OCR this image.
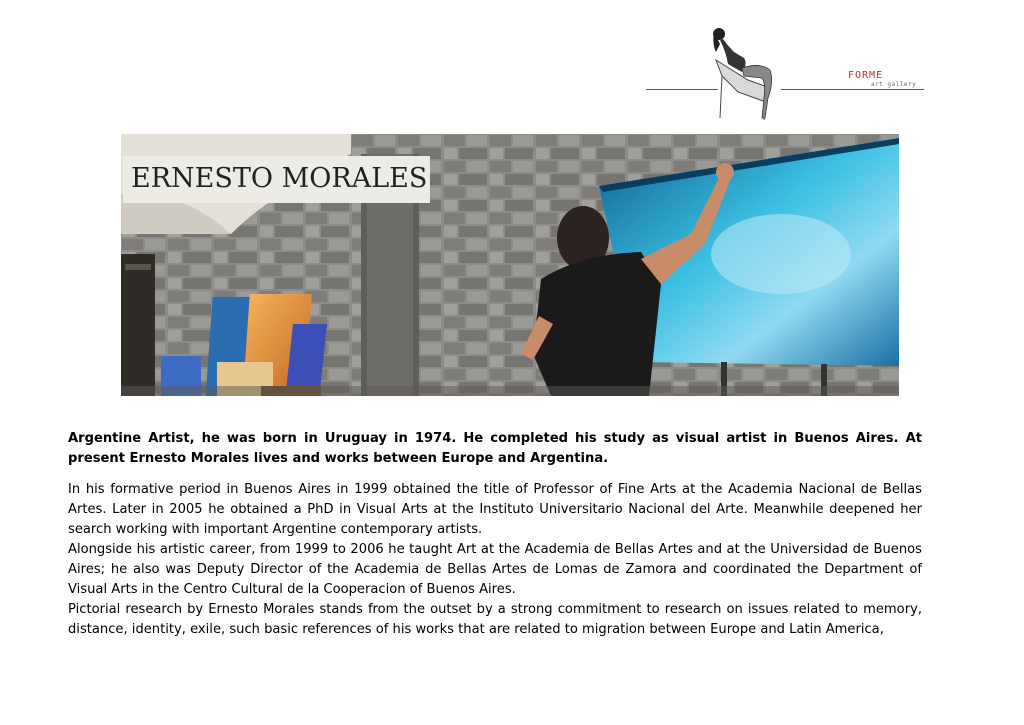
FORME
art gallery
ERNESTO MORALES

Argentine Artist, he was born in Uruguay in 1974. He completed his study as visual artist in Buenos Aires. At present Ernesto Morales lives and works between Europe and Argentina.

In his formative period in Buenos Aires in 1999 obtained the title of Professor of Fine Arts at the Academia Nacional de Bellas Artes. Later in 2005 he obtained a PhD in Visual Arts at the Instituto Universitario Nacional del Arte. Meanwhile deepened her search working with important Argentine contemporary artists.

Alongside his artistic career, from 1999 to 2006 he taught Art at the Academia de Bellas Artes and at the Universidad de Buenos Aires; he also was Deputy Director of the Academia de Bellas Artes de Lomas de Zamora and coordinated the Department of Visual Arts in the Centro Cultural de la Cooperacion of Buenos Aires.

Pictorial research by Ernesto Morales stands from the outset by a strong commitment to research on issues related to memory, distance, identity, exile, such basic references of his works that are related to migration between Europe and Latin America,
